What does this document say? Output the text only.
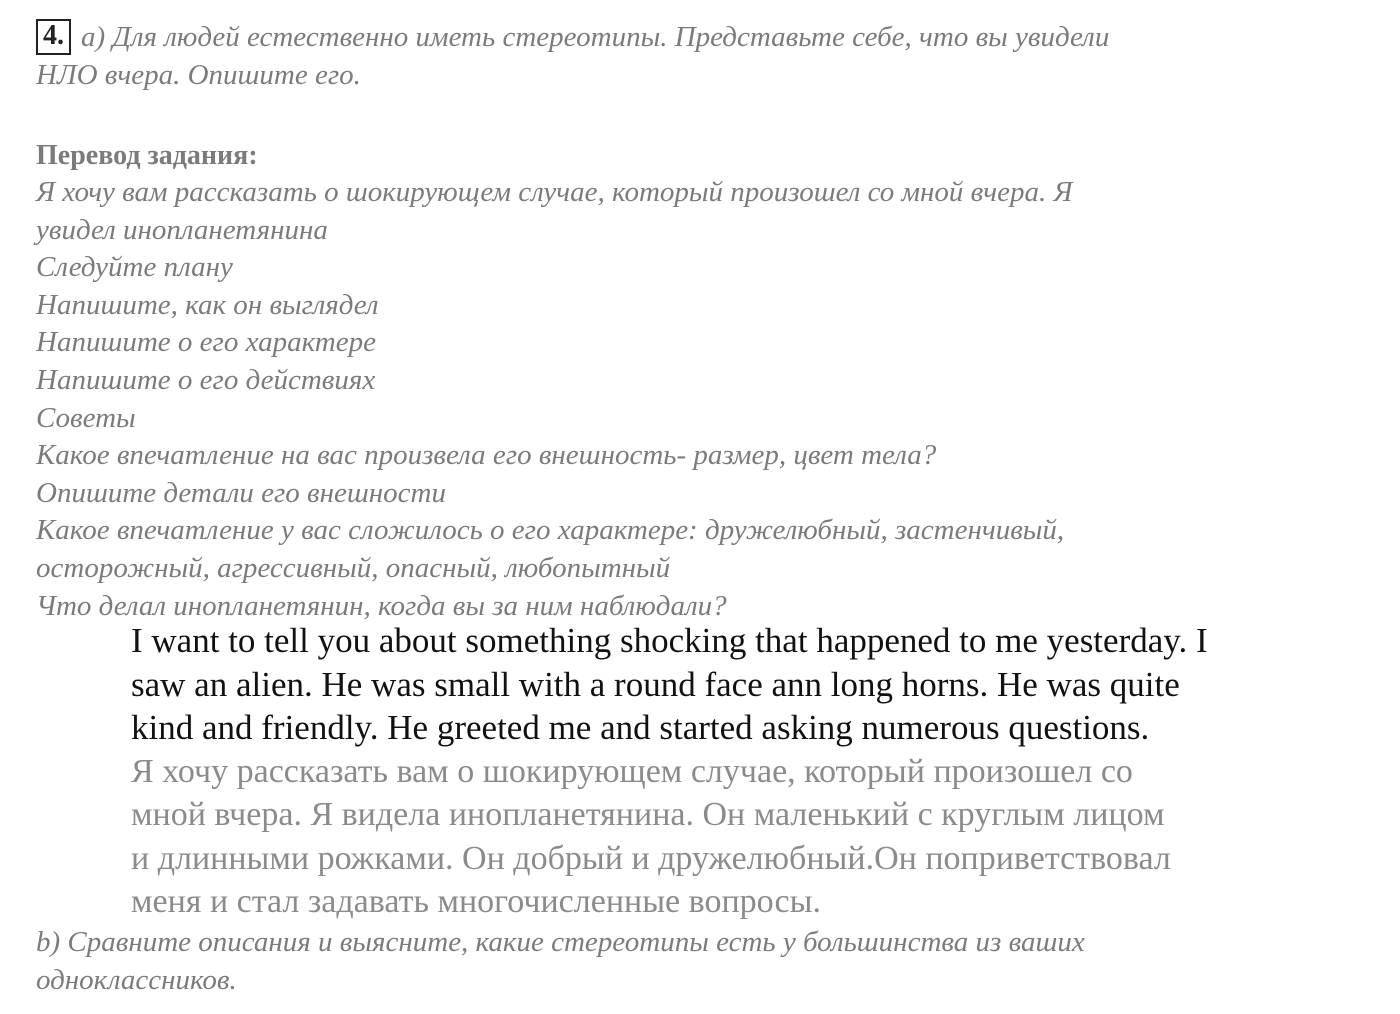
4. a) Для людей естественно иметь стереотипы. Представьте себе, что вы увидели
НЛО вчера. Опишите его.
Перевод задания:
Я хочу вам рассказать о шокирующем случае, который произошел со мной вчера. Я
увидел инопланетянина
Следуйте плану
Напишите, как он выглядел
Напишите о его характере
Напишите о его действиях
Советы
Какое впечатление на вас произвела его внешность- размер, цвет тела?
Опишите детали его внешности
Какое впечатление у вас сложилось о его характере: дружелюбный, застенчивый,
осторожный, агрессивный, опасный, любопытный
Что делал инопланетянин, когда вы за ним наблюдали?
I want to tell you about something shocking that happened to me yesterday. I
saw an alien. He was small with a round face ann long horns. He was quite
kind and friendly. He greeted me and started asking numerous questions.
Я хочу рассказать вам о шокирующем случае, который произошел со
мной вчера. Я видела инопланетянина. Он маленький с круглым лицом
и длинными рожками. Он добрый и дружелюбный.Он поприветствовал
меня и стал задавать многочисленные вопросы.
b) Сравните описания и выясните, какие стереотипы есть у большинства из ваших
одноклассников.
